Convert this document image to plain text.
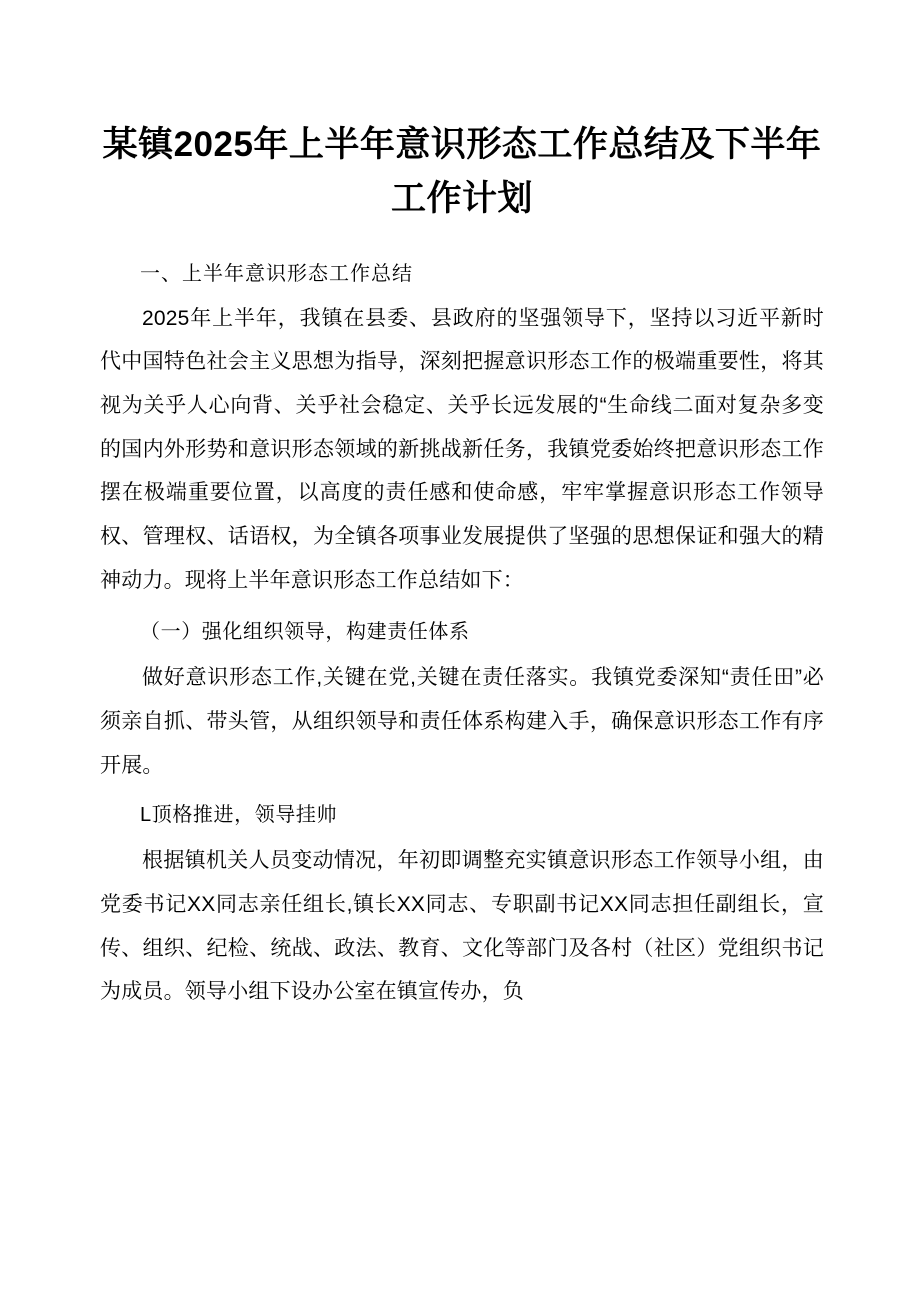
某镇2025年上半年意识形态工作总结及下半年工作计划
一、上半年意识形态工作总结

2025年上半年，我镇在县委、县政府的坚强领导下，坚持以习近平新时代中国特色社会主义思想为指导，深刻把握意识形态工作的极端重要性，将其视为关乎人心向背、关乎社会稳定、关乎长远发展的“生命线二面对复杂多变的国内外形势和意识形态领域的新挑战新任务，我镇党委始终把意识形态工作摆在极端重要位置，以高度的责任感和使命感，牢牢掌握意识形态工作领导权、管理权、话语权，为全镇各项事业发展提供了坚强的思想保证和强大的精神动力。现将上半年意识形态工作总结如下：

（一）强化组织领导，构建责任体系

做好意识形态工作,关键在党,关键在责任落实。我镇党委深知“责任田”必须亲自抓、带头管，从组织领导和责任体系构建入手，确保意识形态工作有序开展。

L顶格推进，领导挂帅

根据镇机关人员变动情况，年初即调整充实镇意识形态工作领导小组，由党委书记XX同志亲任组长,镇长XX同志、专职副书记XX同志担任副组长，宣传、组织、纪检、统战、政法、教育、文化等部门及各村（社区）党组织书记为成员。领导小组下设办公室在镇宣传办，负
